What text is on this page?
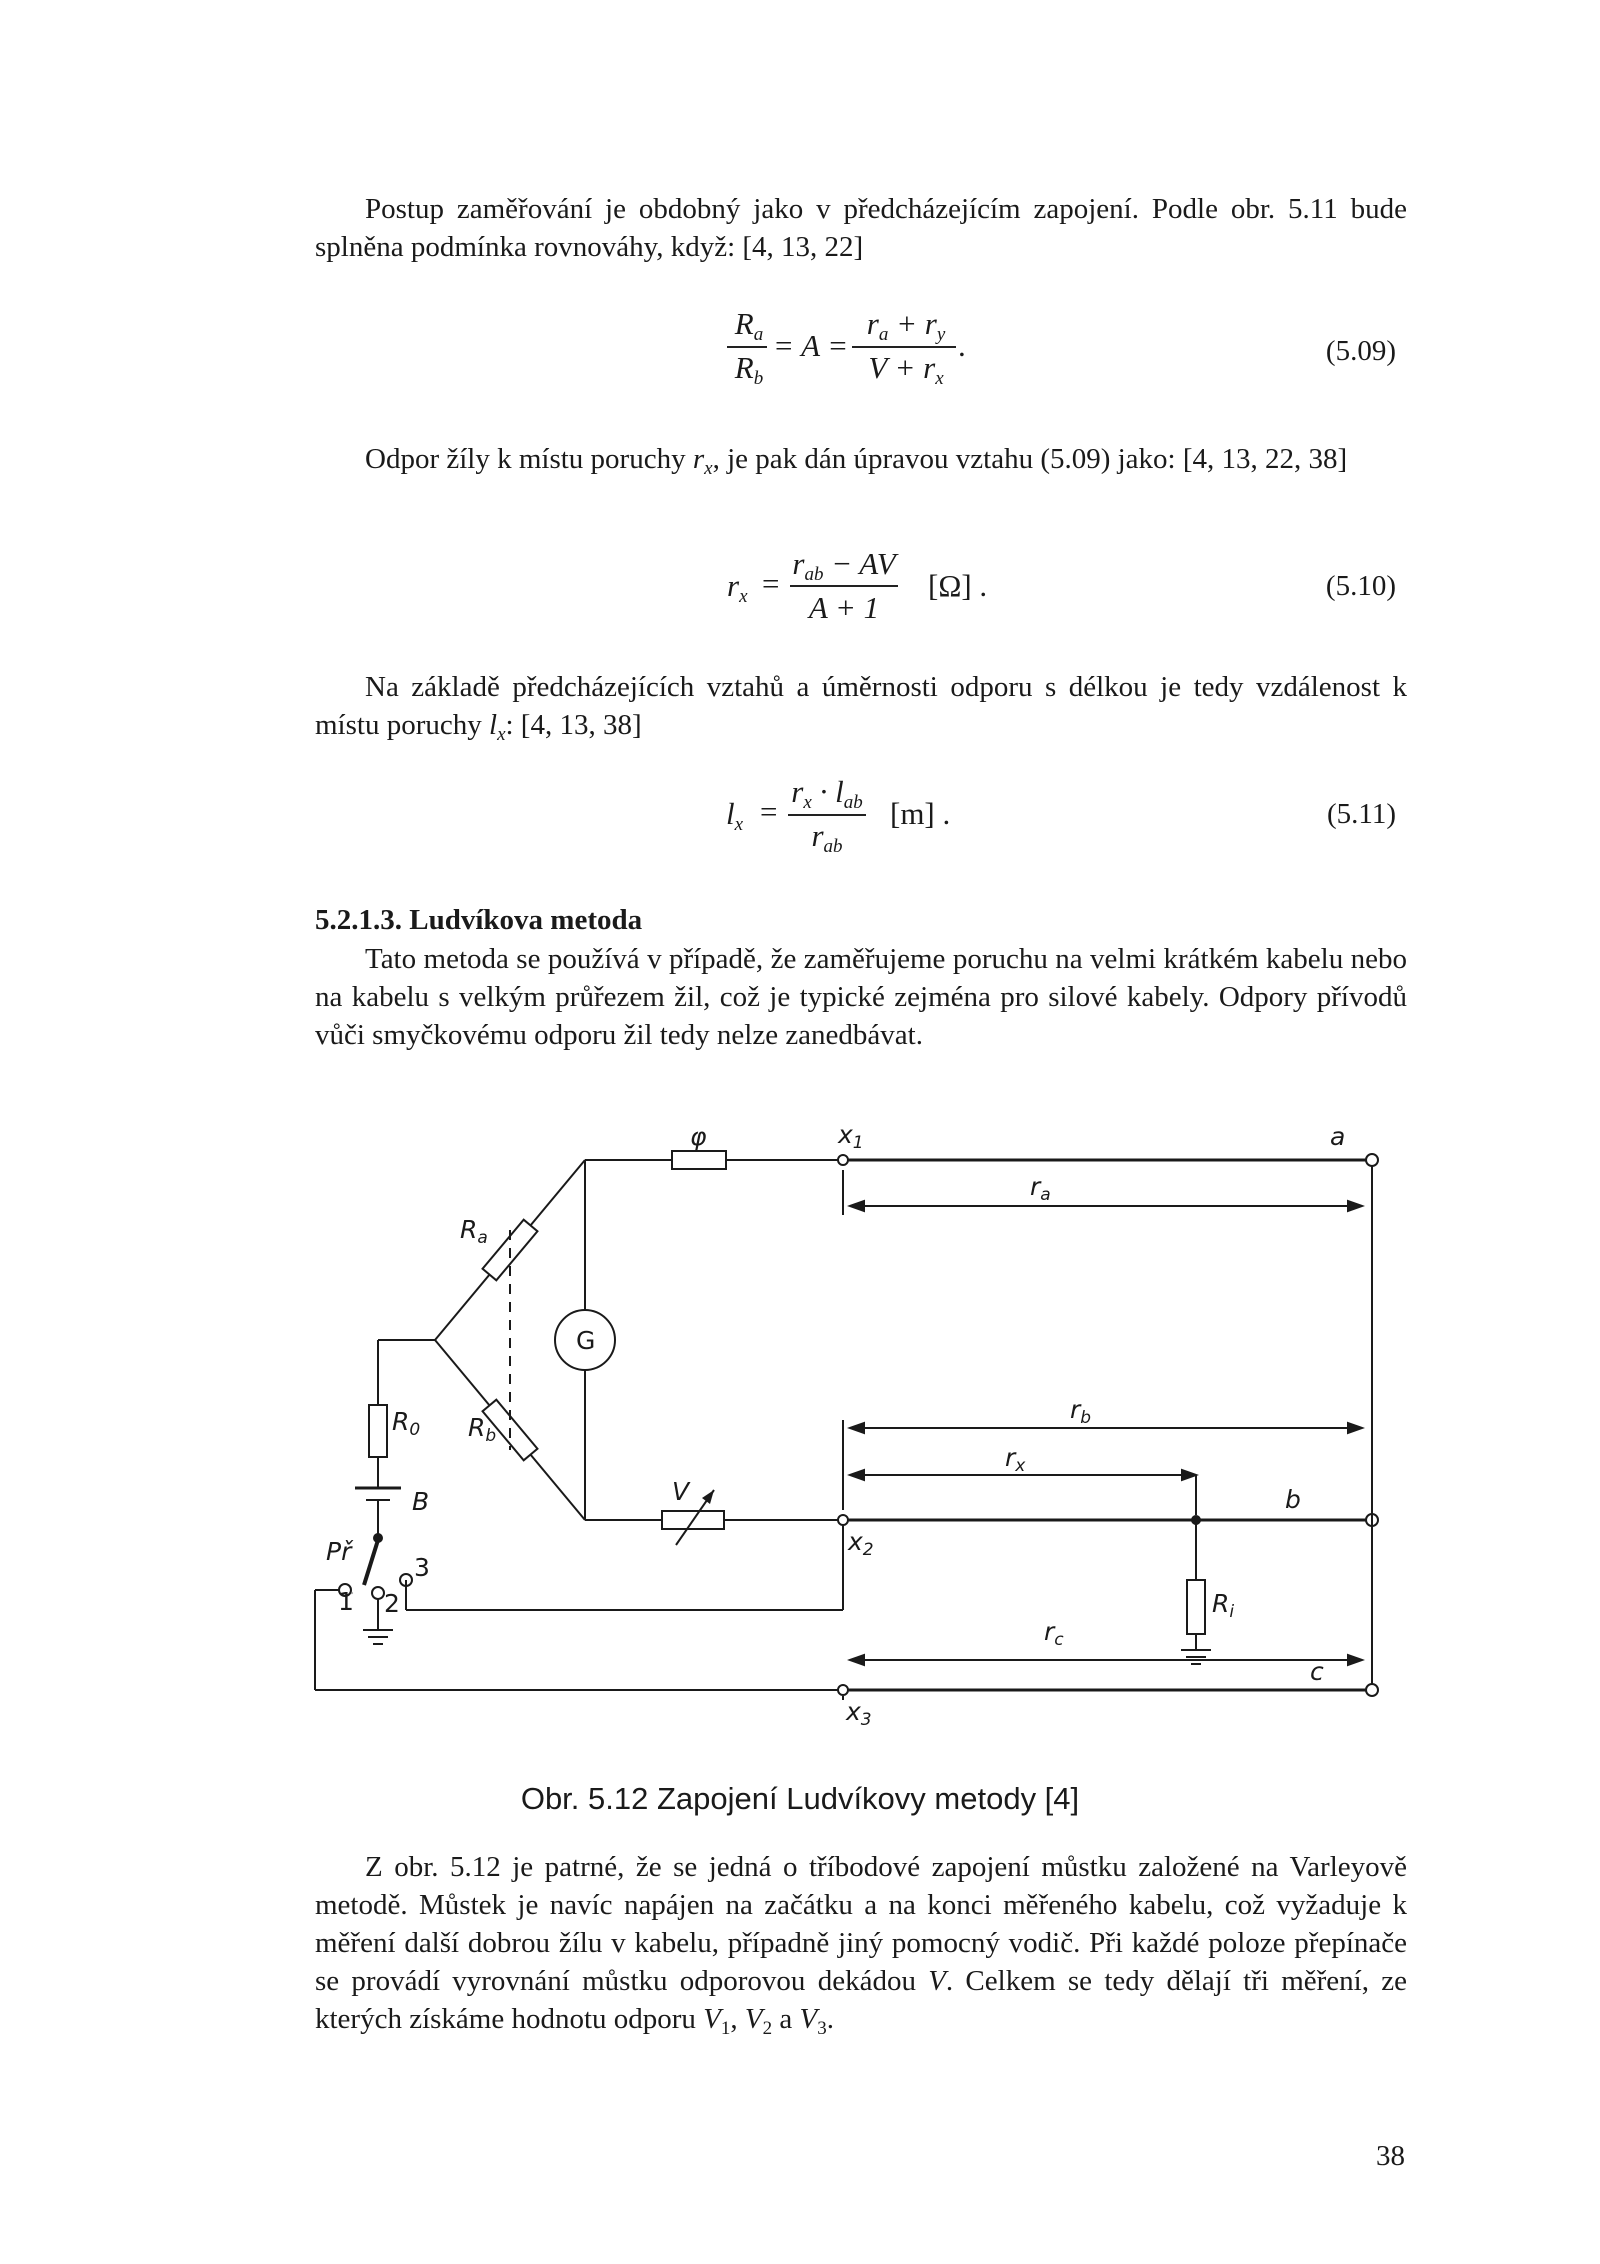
Postup zaměřování je obdobný jako v předcházejícím zapojení. Podle obr. 5.11 bude splněna podmínka rovnováhy, když: [4, 13, 22]
$R_a$
$R_b$
= A =
$r_a + r_y$
$V + r_x$
.	(5.09)
Odpor žíly k místu poruchy $r_x$, je pak dán úpravou vztahu (5.09) jako: [4, 13, 22, 38]
$r_x$ =
$r_{ab}$ − AV
A + 1
[Ω] .	(5.10)
Na základě předcházejících vztahů a úměrnosti odporu s délkou je tedy vzdálenost k místu poruchy $l_x$: [4, 13, 38]
$l_x$ =
$r_x \cdot l_{ab}$
$r_{ab}$
[m] .	(5.11)
5.2.1.3. Ludvíkova metoda
Tato metoda se používá v případě, že zaměřujeme poruchu na velmi krátkém kabelu nebo na kabelu s velkým průřezem žil, což je typické zejména pro silové kabely. Odpory přívodů vůči smyčkovému odporu žil tedy nelze zanedbávat.
φ	$x_1$	a
$r_a$
$R_a$
G
$R_0$ $R_b$
$r_b$
$r_x$
b
B	V
$x_2$
Př
1 2
3
$R_i$
$r_c$
c
$x_3$
Obr. 5.12 Zapojení Ludvíkovy metody [4]
Z obr. 5.12 je patrné, že se jedná o tříbodové zapojení můstku založené na Varleyově metodě. Můstek je navíc napájen na začátku a na konci měřeného kabelu, což vyžaduje k měření další dobrou žílu v kabelu, případně jiný pomocný vodič. Při každé poloze přepínače se provádí vyrovnání můstku odporovou dekádou V. Celkem se tedy dělají tři měření, ze kterých získáme hodnotu odporu $V_1$, $V_2$ a $V_3$.
38
